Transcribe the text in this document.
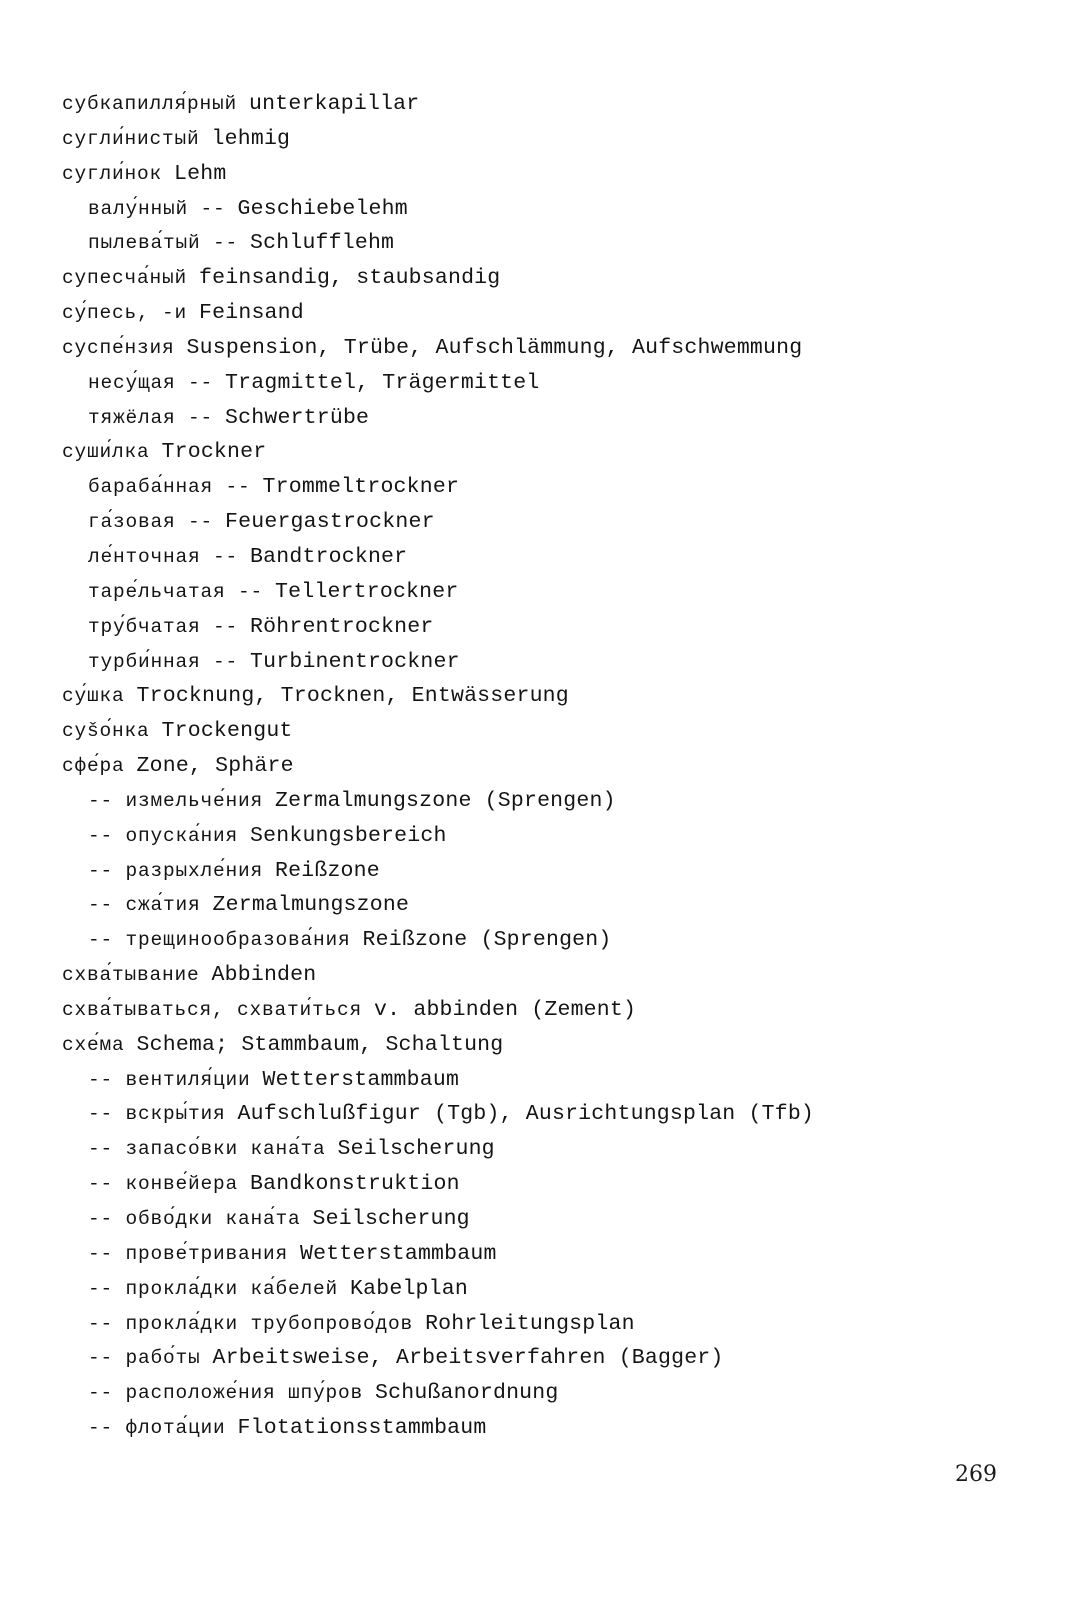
субкапилля́рный unterkapillar
сугли́нистый lehmig
сугли́нок Lehm
валу́нный -- Geschiebelehm
пылева́тый -- Schlufflehm
супесча́ный feinsandig, staubsandig
су́песь, -и Feinsand
суспе́нзия Suspension, Trübe, Aufschlämmung, Aufschwemmung
несу́щая -- Tragmittel, Trägermittel
тяжёлая -- Schwertrübe
суши́лка Trockner
бараба́нная -- Trommeltrockner
га́зовая -- Feuergastrockner
ле́нточная -- Bandtrockner
таре́льчатая -- Tellertrockner
тру́бчатая -- Röhrentrockner
турби́нная -- Turbinentrockner
су́шка Trocknung, Trocknen, Entwässerung
суšо́нка Trockengut
сфе́ра Zone, Sphäre
-- измельче́ния Zermalmungszone (Sprengen)
-- опуска́ния Senkungsbereich
-- разрыхле́ния Reißzone
-- сжа́тия Zermalmungszone
-- трещинообразова́ния Reißzone (Sprengen)
схва́тывание Abbinden
схва́тываться, схвати́ться v. abbinden (Zement)
схе́ма Schema; Stammbaum, Schaltung
-- вентиля́ции Wetterstammbaum
-- вскры́тия Aufschlußfigur (Tgb), Ausrichtungsplan (Tfb)
-- запасо́вки кана́та Seilscherung
-- конве́йера Bandkonstruktion
-- обво́дки кана́та Seilscherung
-- прове́тривания Wetterstammbaum
-- прокла́дки ка́белей Kabelplan
-- прокла́дки трубопрово́дов Rohrleitungsplan
-- рабо́ты Arbeitsweise, Arbeitsverfahren (Bagger)
-- расположе́ния шпу́ров Schußanordnung
-- флота́ции Flotationsstammbaum
269
